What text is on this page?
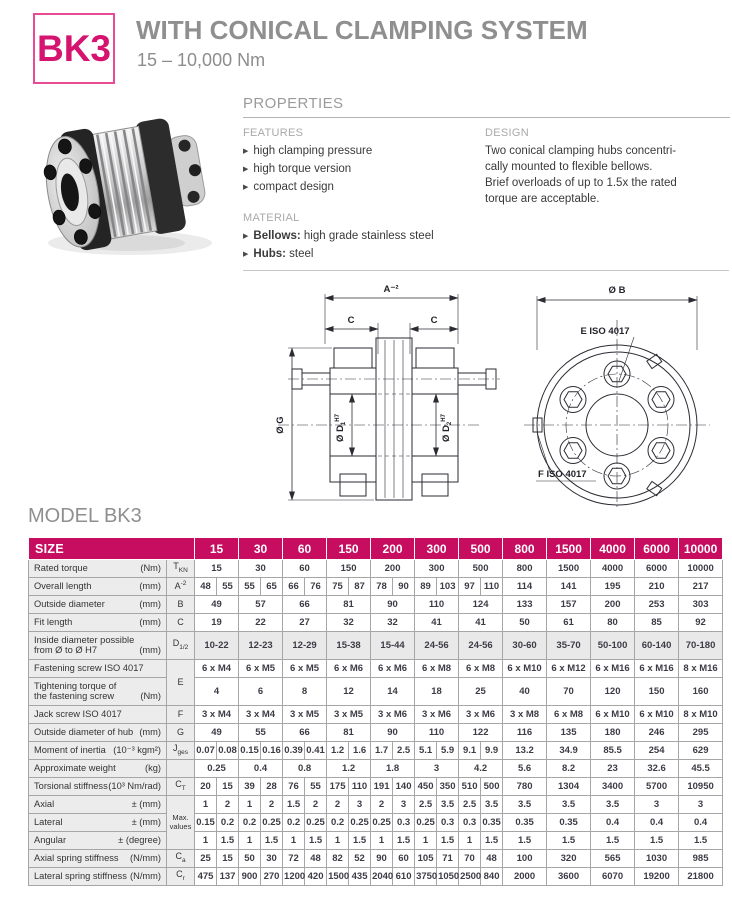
BK3 WITH CONICAL CLAMPING SYSTEM
15 – 10,000 Nm
PROPERTIES
FEATURES
▶ high clamping pressure
▶ high torque version
▶ compact design
MATERIAL
▶ Bellows: high grade stainless steel
▶ Hubs: steel
DESIGN
Two conical clamping hubs concentri-
cally mounted to flexible bellows.
Brief overloads of up to 1.5x the rated
torque are acceptable.
A⁻²
C	C
Ø G	Ø $D_1^{H7}$
Ø $D_2^{H7}$
Ø B
E ISO 4017
F ISO 4017
MODEL BK3
SIZE		15		30		60		150		200		300		500		800	1500	4000	6000	10000

Rated torque (Nm)	$T_{KN}$	15		30		60		150		200		300		500		800	1500	4000	6000	10000

Overall length (mm)	$A^{-2}$	48	55	55	65	66	76	75	87	78	90	89	103	97	110	114	141	195	210	217

Outside diameter (mm)	B	49		57		66		81		90		110		124		133	157	200	253	303

Fit length (mm)	C	19		22		27		32		32		41		41		50	61	80	85	92

Inside diameter possible
from Ø to Ø H7 (mm)	$D_{1/2}$	10-22		12-23		12-29		15-38		15-44		24-56		24-56		30-60	35-70	50-100	60-140	70-180

Fastening screw ISO 4017	E	6 x M4		6 x M5		6 x M5		6 x M6		6 x M6		6 x M8		6 x M8		6 x M10	6 x M12	6 x M16	6 x M16	8 x M16

Tightening torque of
the fastening screw (Nm)		4		6		8		12		14		18		25		40	70	120	150	160

Jack screw ISO 4017	F	3 x M4		3 x M4		3 x M5		3 x M5		3 x M6		3 x M6		3 x M6		3 x M8	6 x M8	6 x M10	6 x M10	8 x M10

Outside diameter of hub (mm)	G	49		55		66		81		90		110		122		116	135	180	246	295

Moment of inertia (10⁻³ kgm²)	$J_{ges}$	0.07	0.08	0.15	0.16	0.39	0.41	1.2	1.6	1.7	2.5	5.1	5.9	9.1	9.9	13.2	34.9	85.5	254	629

Approximate weight (kg)		0.25		0.4		0.8		1.2		1.8		3		4.2		5.6	8.2	23	32.6	45.5

Torsional stiffness (10³ Nm/rad)	$C_T$	20	15	39	28	76	55	175	110	191	140	450	350	510	500	780	1304	3400	5700	10950

Axial ± (mm)	Max. values	1	2	1	2	1.5	2	2	3	2	3	2.5	3.5	2.5	3.5	3.5	3.5	3.5	3	3

Lateral ± (mm)		0.15	0.2	0.2	0.25	0.2	0.25	0.2	0.25	0.25	0.3	0.25	0.3	0.3	0.35	0.35	0.35	0.4	0.4	0.4

Angular ± (degree)		1	1.5	1	1.5	1	1.5	1	1.5	1	1.5	1	1.5	1	1.5	1.5	1.5	1.5	1.5	1.5

Axial spring stiffness (N/mm)	$C_a$	25	15	50	30	72	48	82	52	90	60	105	71	70	48	100	320	565	1030	985

Lateral spring stiffness (N/mm)	$C_r$	475	137	900	270	1200	420	1500	435	2040	610	3750	1050	2500	840	2000	3600	6070	19200	21800
